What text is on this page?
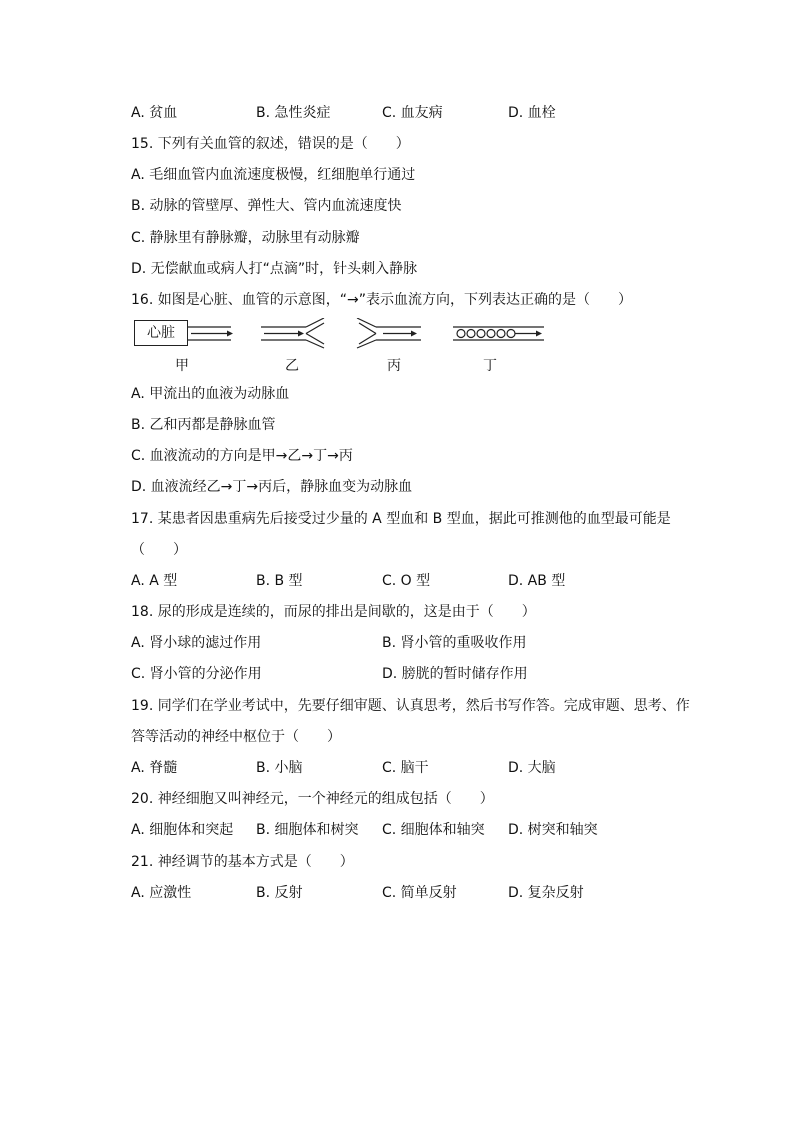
A. 贫血	B. 急性炎症	C. 血友病	D. 血栓
15. 下列有关血管的叙述，错误的是（　　）
A. 毛细血管内血流速度极慢，红细胞单行通过
B. 动脉的管壁厚、弹性大、管内血流速度快
C. 静脉里有静脉瓣，动脉里有动脉瓣
D. 无偿献血或病人打“点滴”时，针头刺入静脉
16. 如图是心脏、血管的示意图，“→”表示血流方向，下列表达正确的是（　　）
心脏
甲	乙	丙	丁
A. 甲流出的血液为动脉血
B. 乙和丙都是静脉血管
C. 血液流动的方向是甲→乙→丁→丙
D. 血液流经乙→丁→丙后，静脉血变为动脉血
17. 某患者因患重病先后接受过少量的 A 型血和 B 型血，据此可推测他的血型最可能是
（　　）
A. A 型	B. B 型	C. O 型	D. AB 型
18. 尿的形成是连续的，而尿的排出是间歇的，这是由于（　　）
A. 肾小球的滤过作用	B. 肾小管的重吸收作用
C. 肾小管的分泌作用	D. 膀胱的暂时储存作用
19. 同学们在学业考试中，先要仔细审题、认真思考，然后书写作答。完成审题、思考、作
答等活动的神经中枢位于（　　）
A. 脊髓	B. 小脑	C. 脑干	D. 大脑
20. 神经细胞又叫神经元，一个神经元的组成包括（　　）
A. 细胞体和突起 B. 细胞体和树突 C. 细胞体和轴突 D. 树突和轴突
21. 神经调节的基本方式是（　　）
A. 应激性	B. 反射	C. 简单反射	D. 复杂反射
